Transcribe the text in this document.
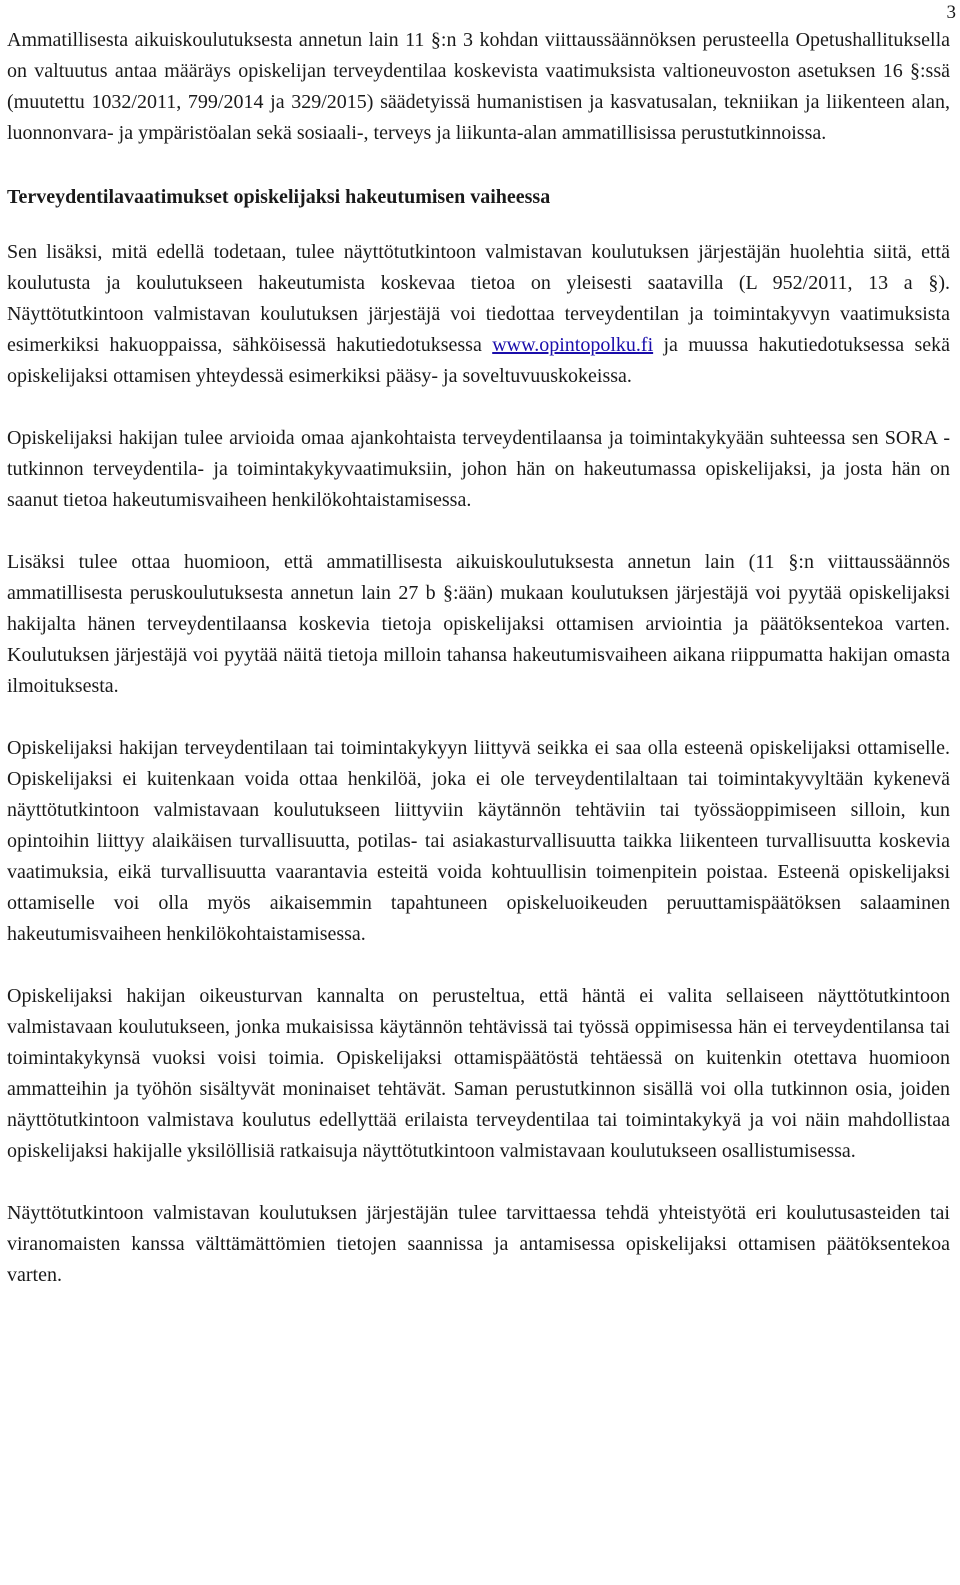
3

Ammatillisesta aikuiskoulutuksesta annetun lain 11 §:n 3 kohdan viittaussäännöksen perusteella Opetushallituksella on valtuutus antaa määräys opiskelijan terveydentilaa koskevista vaatimuksista valtioneuvoston asetuksen 16 §:ssä (muutettu 1032/2011, 799/2014 ja 329/2015) säädetyissä humanistisen ja kasvatusalan, tekniikan ja liikenteen alan, luonnonvara- ja ympäristöalan sekä sosiaali-, terveys ja liikunta-alan ammatillisissa perustutkinnoissa.

Terveydentilavaatimukset opiskelijaksi hakeutumisen vaiheessa

Sen lisäksi, mitä edellä todetaan, tulee näyttötutkintoon valmistavan koulutuksen järjestäjän huolehtia siitä, että koulutusta ja koulutukseen hakeutumista koskevaa tietoa on yleisesti saatavilla (L 952/2011, 13 a §). Näyttötutkintoon valmistavan koulutuksen järjestäjä voi tiedottaa terveydentilan ja toimintakyvyn vaatimuksista esimerkiksi hakuoppaissa, sähköisessä hakutiedotuksessa www.opintopolku.fi ja muussa hakutiedotuksessa sekä opiskelijaksi ottamisen yhteydessä esimerkiksi pääsy- ja soveltuvuuskokeissa.

Opiskelijaksi hakijan tulee arvioida omaa ajankohtaista terveydentilaansa ja toimintakykyään suhteessa sen SORA -tutkinnon terveydentila- ja toimintakykyvaatimuksiin, johon hän on hakeutumassa opiskelijaksi, ja josta hän on saanut tietoa hakeutumisvaiheen henkilökohtaistamisessa.

Lisäksi tulee ottaa huomioon, että ammatillisesta aikuiskoulutuksesta annetun lain (11 §:n viittaussäännös ammatillisesta peruskoulutuksesta annetun lain 27 b §:ään) mukaan koulutuksen järjestäjä voi pyytää opiskelijaksi hakijalta hänen terveydentilaansa koskevia tietoja opiskelijaksi ottamisen arviointia ja päätöksentekoa varten. Koulutuksen järjestäjä voi pyytää näitä tietoja milloin tahansa hakeutumisvaiheen aikana riippumatta hakijan omasta ilmoituksesta.

Opiskelijaksi hakijan terveydentilaan tai toimintakykyyn liittyvä seikka ei saa olla esteenä opiskelijaksi ottamiselle. Opiskelijaksi ei kuitenkaan voida ottaa henkilöä, joka ei ole terveydentilaltaan tai toimintakyvyltään kykenevä näyttötutkintoon valmistavaan koulutukseen liittyviin käytännön tehtäviin tai työssäoppimiseen silloin, kun opintoihin liittyy alaikäisen turvallisuutta, potilas- tai asiakasturvallisuutta taikka liikenteen turvallisuutta koskevia vaatimuksia, eikä turvallisuutta vaarantavia esteitä voida kohtuullisin toimenpitein poistaa. Esteenä opiskelijaksi ottamiselle voi olla myös aikaisemmin tapahtuneen opiskeluoikeuden peruuttamispäätöksen salaaminen hakeutumisvaiheen henkilökohtaistamisessa.

Opiskelijaksi hakijan oikeusturvan kannalta on perusteltua, että häntä ei valita sellaiseen näyttötutkintoon valmistavaan koulutukseen, jonka mukaisissa käytännön tehtävissä tai työssä oppimisessa hän ei terveydentilansa tai toimintakykynsä vuoksi voisi toimia. Opiskelijaksi ottamispäätöstä tehtäessä on kuitenkin otettava huomioon ammatteihin ja työhön sisältyvät moninaiset tehtävät. Saman perustutkinnon sisällä voi olla tutkinnon osia, joiden näyttötutkintoon valmistava koulutus edellyttää erilaista terveydentilaa tai toimintakykyä ja voi näin mahdollistaa opiskelijaksi hakijalle yksilöllisiä ratkaisuja näyttötutkintoon valmistavaan koulutukseen osallistumisessa.

Näyttötutkintoon valmistavan koulutuksen järjestäjän tulee tarvittaessa tehdä yhteistyötä eri koulutusasteiden tai viranomaisten kanssa välttämättömien tietojen saannissa ja antamisessa opiskelijaksi ottamisen päätöksentekoa varten.
